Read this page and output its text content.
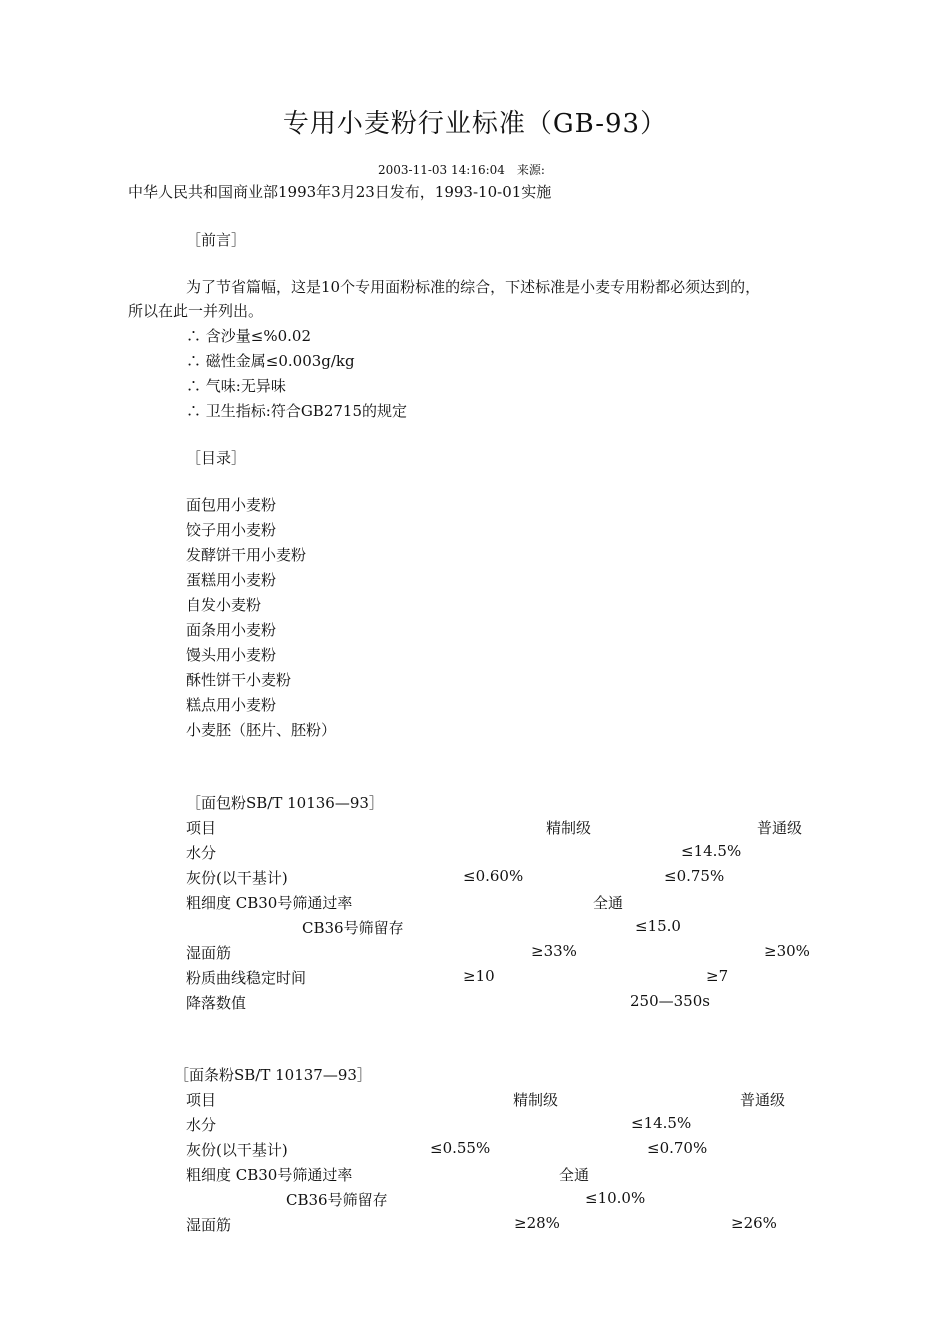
专用小麦粉行业标准（GB-93）
2003-11-03 14:16:04　来源:
中华人民共和国商业部1993年3月23日发布，1993-10-01实施
［前言］
为了节省篇幅，这是10个专用面粉标准的综合，下述标准是小麦专用粉都必须达到的，
所以在此一并列出。
∴ 含沙量≤%0.02
∴ 磁性金属≤0.003g/kg
∴ 气味:无异味
∴ 卫生指标:符合GB2715的规定
［目录］
面包用小麦粉
饺子用小麦粉
发酵饼干用小麦粉
蛋糕用小麦粉
自发小麦粉
面条用小麦粉
馒头用小麦粉
酥性饼干小麦粉
糕点用小麦粉
小麦胚（胚片、胚粉）
［面包粉SB/T 10136—93］
项目	精制级	普通级
水分	≤14.5%
灰份(以干基计)	≤0.60%	≤0.75%
粗细度 CB30号筛通过率	全通
CB36号筛留存	≤15.0
湿面筋	≥33%	≥30%
粉质曲线稳定时间	≥10	≥7
降落数值	250—350s
［面条粉SB/T 10137—93］
项目	精制级	普通级
水分	≤14.5%
灰份(以干基计)	≤0.55%	≤0.70%
粗细度 CB30号筛通过率	全通
CB36号筛留存	≤10.0%
湿面筋	≥28%	≥26%
